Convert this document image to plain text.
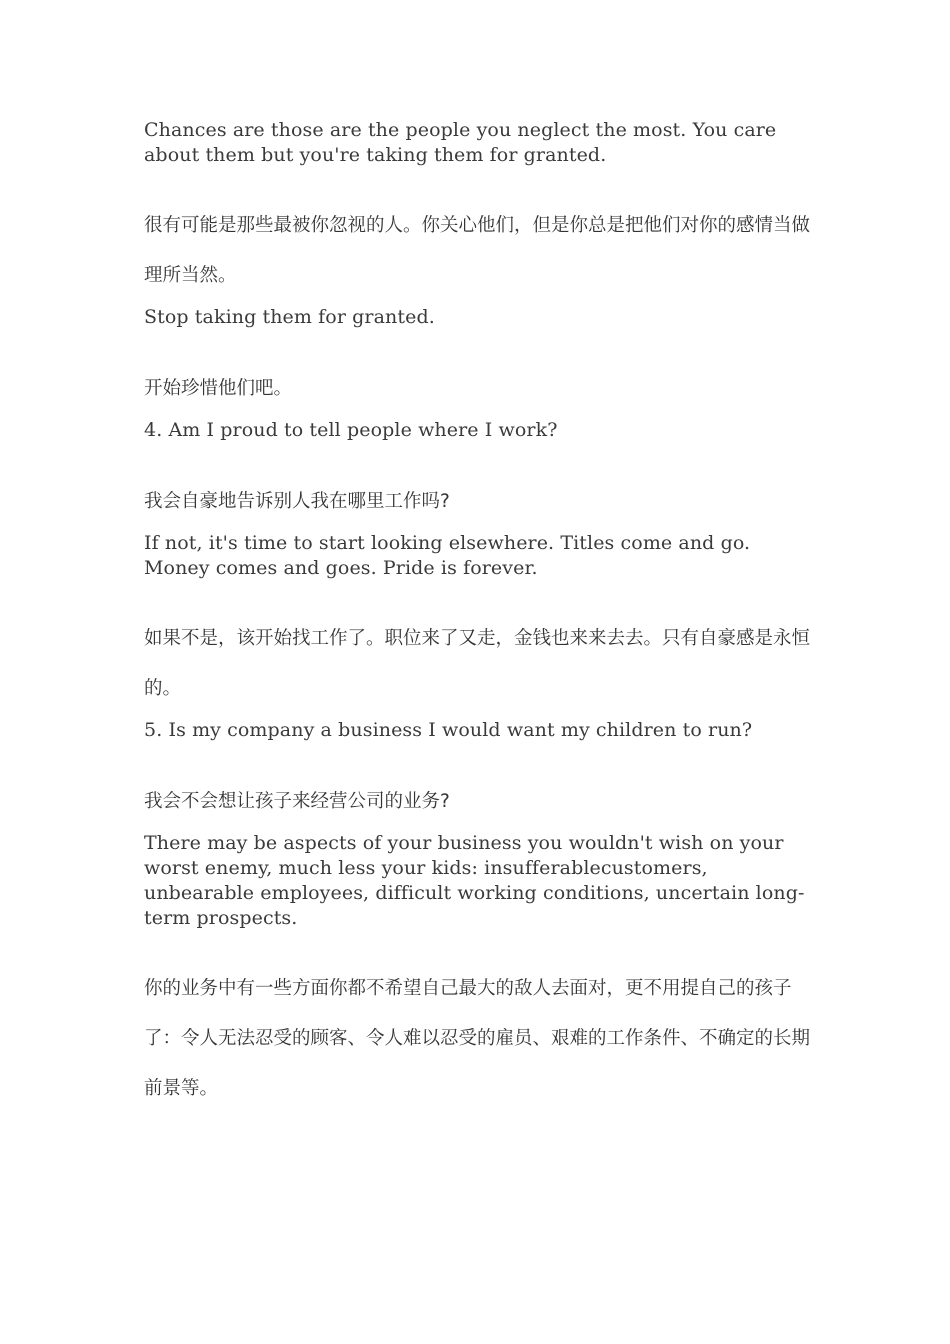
Chances are those are the people you neglect the most. You care about them but you're taking them for granted.

很有可能是那些最被你忽视的人。你关心他们，但是你总是把他们对你的感情当做理所当然。

Stop taking them for granted.

开始珍惜他们吧。

4. Am I proud to tell people where I work?

我会自豪地告诉别人我在哪里工作吗?

If not, it's time to start looking elsewhere. Titles come and go. Money comes and goes. Pride is forever.

如果不是，该开始找工作了。职位来了又走，金钱也来来去去。只有自豪感是永恒的。

5. Is my company a business I would want my children to run?

我会不会想让孩子来经营公司的业务?

There may be aspects of your business you wouldn't wish on your worst enemy, much less your kids: insufferablecustomers, unbearable employees, difficult working conditions, uncertain long-term prospects.

你的业务中有一些方面你都不希望自己最大的敌人去面对，更不用提自己的孩子了：令人无法忍受的顾客、令人难以忍受的雇员、艰难的工作条件、不确定的长期前景等。
